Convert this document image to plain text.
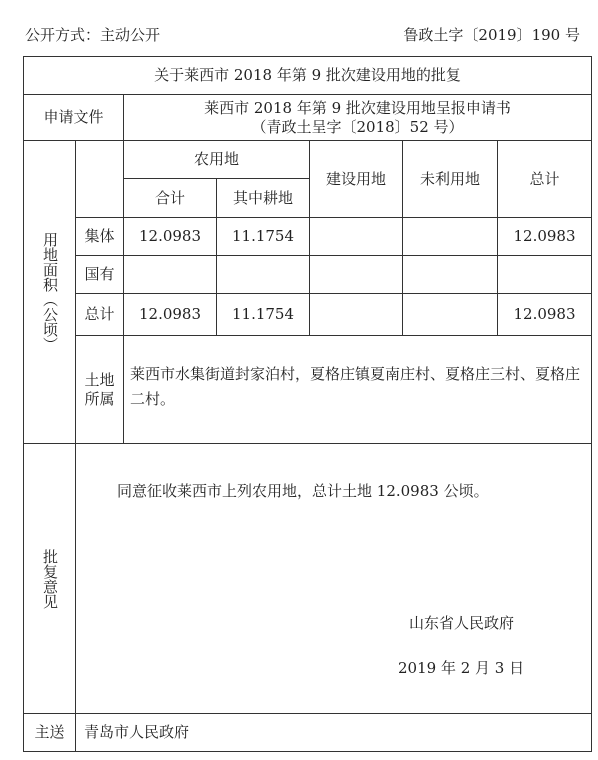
公开方式：主动公开	鲁政土字〔2019〕190 号
关于莱西市 2018 年第 9 批次建设用地的批复						
申请文件		莱西市 2018 年第 9 批次建设用地呈报申请书
（青政土呈字〔2018〕52 号）				

用地面积（公顷）		农用地		建设用地	未利用地	总计
		合计	其中耕地			
	集体	12.0983	11.1754			12.0983
	国有					
	总计	12.0983	11.1754			12.0983

	土地
所属	莱西市水集街道封家泊村，夏格庄镇夏南庄村、夏格庄三村、夏格庄二村。				

批复意见	同意征收莱西市上列农用地，总计土地 12.0983 公顷。
山东省人民政府
2019 年 2 月 3 日					

主送	青岛市人民政府					
